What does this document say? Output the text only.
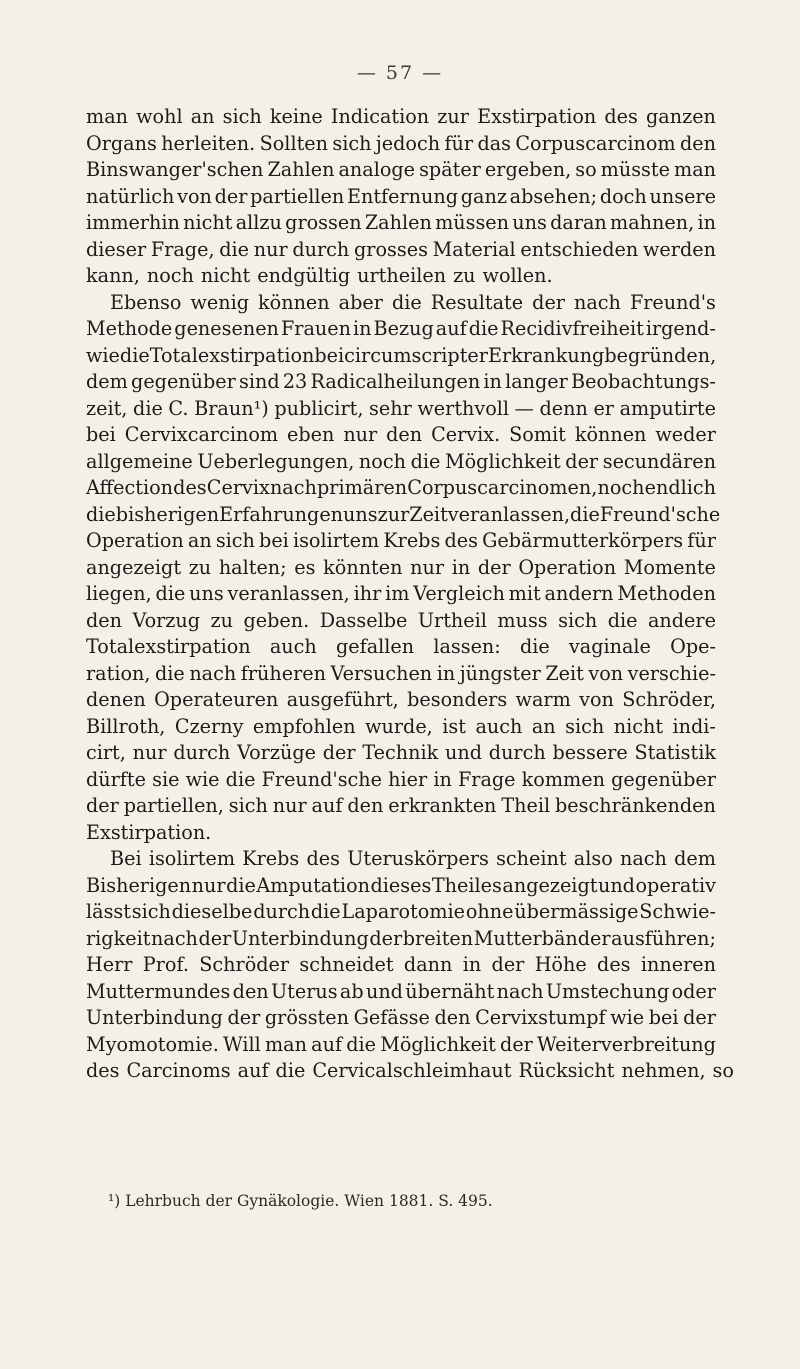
— 57 —
man wohl an sich keine Indication zur Exstirpation des ganzen
Organs herleiten. Sollten sich jedoch für das Corpuscarcinom den
Binswanger'schen Zahlen analoge später ergeben, so müsste man
natürlich von der partiellen Entfernung ganz absehen; doch unsere
immerhin nicht allzu grossen Zahlen müssen uns daran mahnen, in
dieser Frage, die nur durch grosses Material entschieden werden
kann, noch nicht endgültig urtheilen zu wollen.
Ebenso wenig können aber die Resultate der nach Freund's
Methode genesenen Frauen in Bezug auf die Recidivfreiheit irgend-
wie die Totalexstirpation bei circumscripter Erkrankung begründen,
dem gegenüber sind 23 Radicalheilungen in langer Beobachtungs-
zeit, die C. Braun¹) publicirt, sehr werthvoll — denn er amputirte
bei Cervixcarcinom eben nur den Cervix. Somit können weder
allgemeine Ueberlegungen, noch die Möglichkeit der secundären
Affection des Cervix nach primären Corpuscarcinomen, noch endlich
die bisherigen Erfahrungen uns zur Zeit veranlassen, die Freund'sche
Operation an sich bei isolirtem Krebs des Gebärmutterkörpers für
angezeigt zu halten; es könnten nur in der Operation Momente
liegen, die uns veranlassen, ihr im Vergleich mit andern Methoden
den Vorzug zu geben. Dasselbe Urtheil muss sich die andere
Totalexstirpation auch gefallen lassen: die vaginale Ope-
ration, die nach früheren Versuchen in jüngster Zeit von verschie-
denen Operateuren ausgeführt, besonders warm von Schröder,
Billroth, Czerny empfohlen wurde, ist auch an sich nicht indi-
cirt, nur durch Vorzüge der Technik und durch bessere Statistik
dürfte sie wie die Freund'sche hier in Frage kommen gegenüber
der partiellen, sich nur auf den erkrankten Theil beschränkenden
Exstirpation.
Bei isolirtem Krebs des Uteruskörpers scheint also nach dem
Bisherigen nur die Amputation dieses Theiles angezeigt und operativ
lässt sich dieselbe durch die Laparotomie ohne übermässige Schwie-
rigkeit nach der Unterbindung der breiten Mutterbänder ausführen;
Herr Prof. Schröder schneidet dann in der Höhe des inneren
Muttermundes den Uterus ab und übernäht nach Umstechung oder
Unterbindung der grössten Gefässe den Cervixstumpf wie bei der
Myomotomie. Will man auf die Möglichkeit der Weiterverbreitung
des Carcinoms auf die Cervicalschleimhaut Rücksicht nehmen, so
¹) Lehrbuch der Gynäkologie. Wien 1881. S. 495.
